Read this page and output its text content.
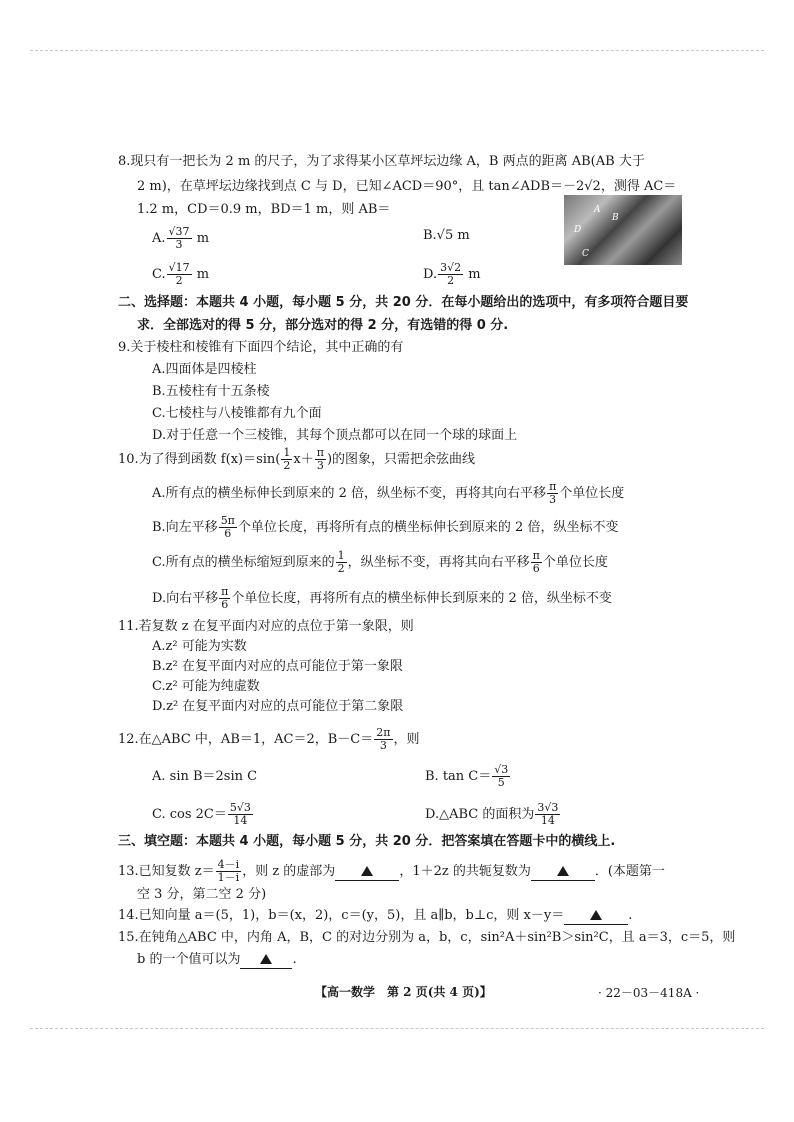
8.现只有一把长为 2 m 的尺子，为了求得某小区草坪坛边缘 A，B 两点的距离 AB(AB 大于
2 m)，在草坪坛边缘找到点 C 与 D，已知∠ACD＝90°，且 tan∠ADB＝－2√2，测得 AC＝
1.2 m，CD＝0.9 m，BD＝1 m，则 AB＝	A
B
D
C
A. $\frac{√37}{3}$ m	B.√5 m
C. $\frac{√17}{2}$ m	D. $\frac{3√2}{2}$ m
二、选择题：本题共 4 小题，每小题 5 分，共 20 分．在每小题给出的选项中，有多项符合题目要
求．全部选对的得 5 分，部分选对的得 2 分，有选错的得 0 分.
9.关于棱柱和棱锥有下面四个结论，其中正确的有
A.四面体是四棱柱
B.五棱柱有十五条棱
C.七棱柱与八棱锥都有九个面
D.对于任意一个三棱锥，其每个顶点都可以在同一个球的球面上
10.为了得到函数 $f(x)=\sin( \frac{1}{2} x+ \frac{\pi}{3}$ )的图象，只需把余弦曲线
A.所有点的横坐标伸长到原来的 2 倍，纵坐标不变，再将其向右平移 $\frac{\pi}{3}$ 个单位长度
B.向左平移 $\frac{5\pi}{6}$ 个单位长度，再将所有点的横坐标伸长到原来的 2 倍，纵坐标不变
C.所有点的横坐标缩短到原来的 $\frac{1}{2}$ ，纵坐标不变，再将其向右平移 $\frac{\pi}{6}$ 个单位长度
D.向右平移 $\frac{\pi}{6}$ 个单位长度，再将所有点的横坐标伸长到原来的 2 倍，纵坐标不变
11.若复数 z 在复平面内对应的点位于第一象限，则
A.z² 可能为实数
B.z² 在复平面内对应的点可能位于第一象限
C.z² 可能为纯虚数
D.z² 在复平面内对应的点可能位于第二象限
12.在△ABC 中，AB＝1，AC＝2，$B-C= \frac{2\pi}{3}$ ，则
A. sin B＝2sin C	B. $\tan C= \frac{√3}{5}$
C. $\cos 2C= \frac{5√3}{14}$	D.△ABC 的面积为 $\frac{3√3}{14}$
三、填空题：本题共 4 小题，每小题 5 分，共 20 分．把答案填在答题卡中的横线上.
13.已知复数 $z= \frac{4-i}{1-i}$ ，则 z 的虚部为	，1＋2z 的共轭复数为	．(本题第一
空 3 分，第二空 2 分)
14.已知向量 a＝(5，1)，b＝(x，2)，c＝(y，5)，且 a∥b，b⊥c，则 x－y＝	.
15.在钝角△ABC 中，内角 A，B，C 的对边分别为 a，b，c，sin²A＋sin²B＞sin²C，且 a＝3，c＝5，则
b 的一个值可以为	.
【高一数学　第 2 页(共 4 页)】	· 22－03－418A ·
